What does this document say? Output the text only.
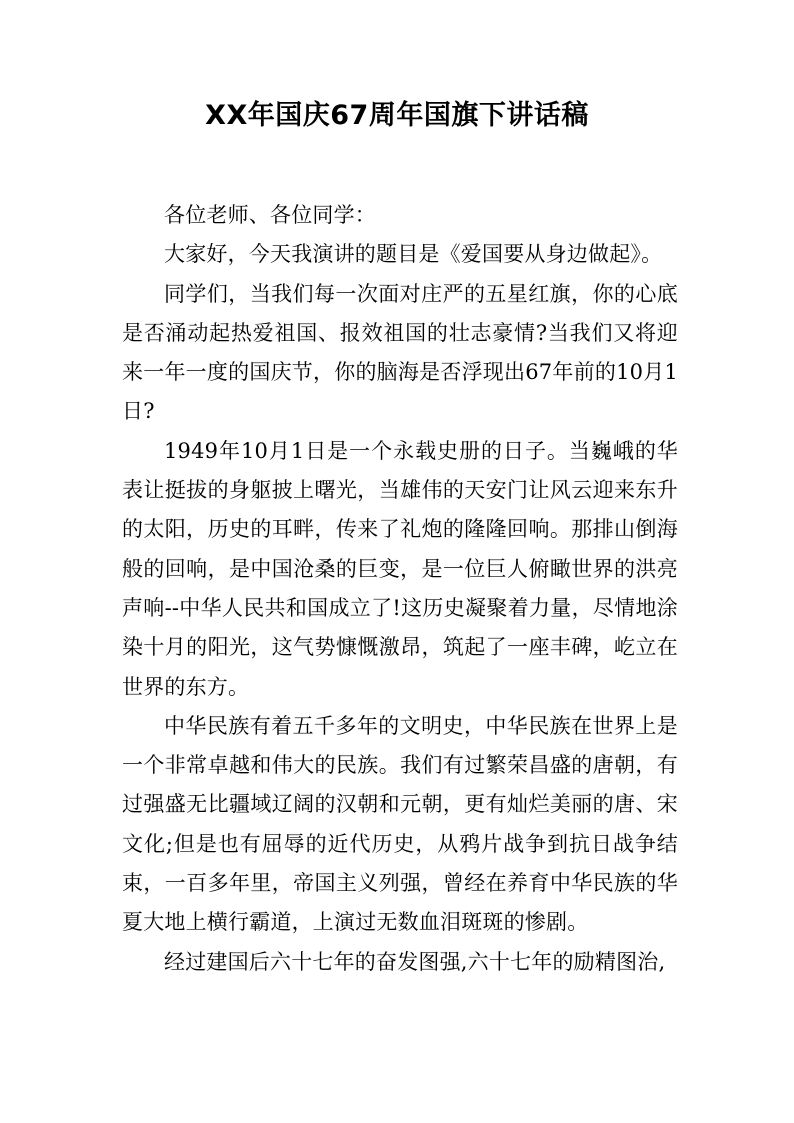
XX年国庆67周年国旗下讲话稿

各位老师、各位同学：

大家好，今天我演讲的题目是《爱国要从身边做起》。

同学们，当我们每一次面对庄严的五星红旗，你的心底是否涌动起热爱祖国、报效祖国的壮志豪情?当我们又将迎来一年一度的国庆节，你的脑海是否浮现出67年前的10月1日?

1949年10月1日是一个永载史册的日子。当巍峨的华表让挺拔的身躯披上曙光，当雄伟的天安门让风云迎来东升的太阳，历史的耳畔，传来了礼炮的隆隆回响。那排山倒海般的回响，是中国沧桑的巨变，是一位巨人俯瞰世界的洪亮声响--中华人民共和国成立了!这历史凝聚着力量，尽情地涂染十月的阳光，这气势慷慨激昂，筑起了一座丰碑，屹立在世界的东方。

中华民族有着五千多年的文明史，中华民族在世界上是一个非常卓越和伟大的民族。我们有过繁荣昌盛的唐朝，有过强盛无比疆域辽阔的汉朝和元朝，更有灿烂美丽的唐、宋文化;但是也有屈辱的近代历史，从鸦片战争到抗日战争结束，一百多年里，帝国主义列强，曾经在养育中华民族的华夏大地上横行霸道，上演过无数血泪斑斑的惨剧。

经过建国后六十七年的奋发图强,六十七年的励精图治,
